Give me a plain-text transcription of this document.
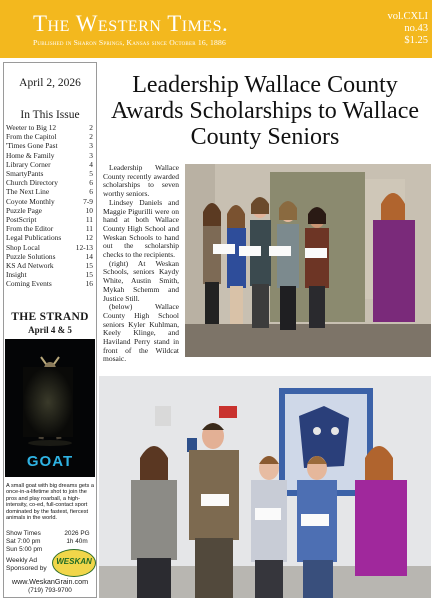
The Western Times.
Published in Sharon Springs, Kansas since October 16, 1886
vol.CXLI
no.43
$1.25
April 2, 2026
In This Issue
Weeter to Big 12	2
From the Capitol	2
'Times Gone Past	3
Home & Family	3
Library Corner	4
SmartyPants	5
Church Directory	6
The Next Line	6
Coyote Monthly	7-9
Puzzle Page	10
PostScript	11
From the Editor	11
Legal Publications	12
Shop Local	12-13
Puzzle Solutions	14
KS Ad Network	15
Insight	15
Coming Events	16
THE STRAND
April 4 & 5
GOAT
A small goat with big dreams gets a once-in-a-lifetime shot to join the pros and play roarball, a high-intensity, co-ed, full-contact sport dominated by the fastest, fiercest animals in the world.
Show Times
Sat 7:00 pm
Sun 5:00 pm
2026 PG
1h 40m
Weekly Ad Sponsored by
WESKAN
www.WeskanGrain.com
(719) 793-9700
Leadership Wallace County Awards Scholarships to Wallace County Seniors

Leadership Wallace County recently awarded scholarships to seven worthy seniors.

Lindsey Daniels and Maggie Pigurilli were on hand at both Wallace County High School and Weskan Schools to hand out the scholarship checks to the recipients.

(right) At Weskan Schools, seniors Kaydy White, Austin Smith, Mykah Schemm and Justice Still.

(below) Wallace County High School seniors Kyler Kuhlman, Keely Klinge, and Haviland Perry stand in front of the Wildcat mosaic.
